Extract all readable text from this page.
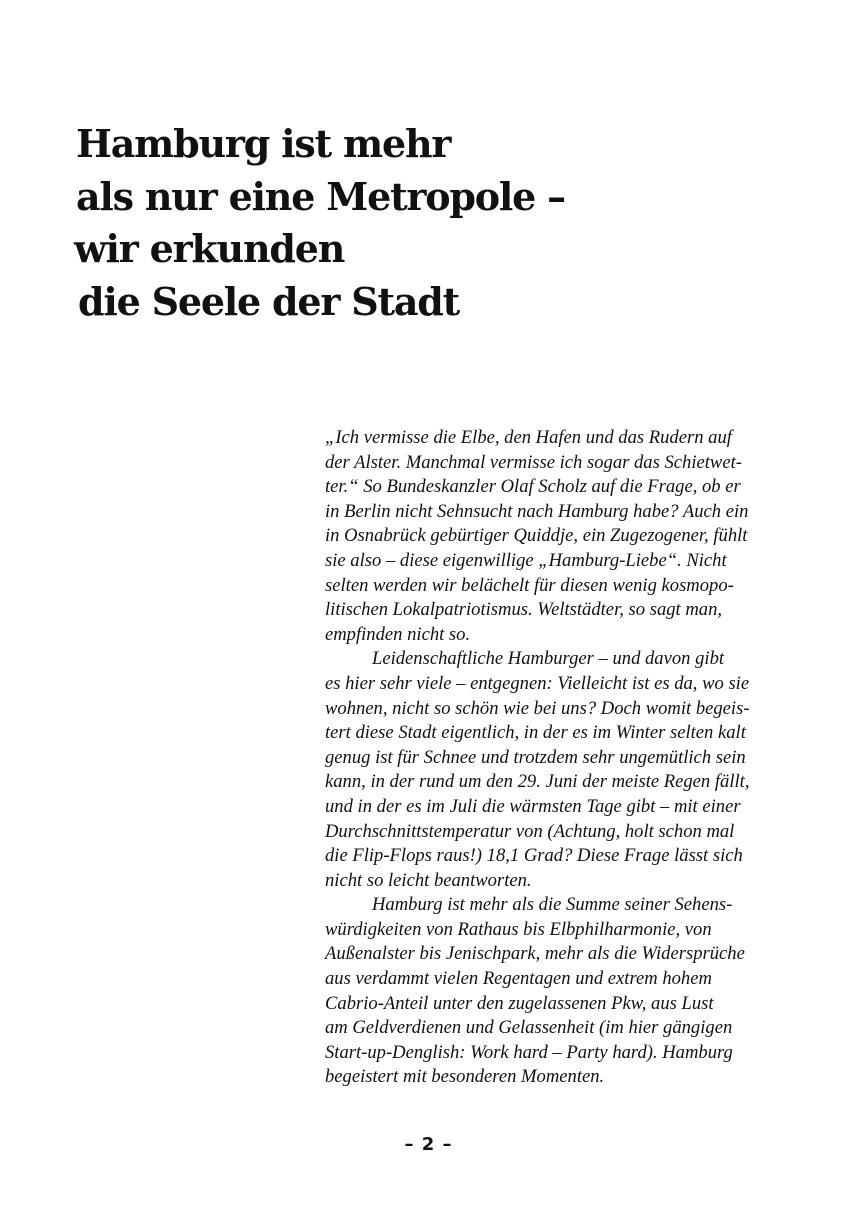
Hamburg ist mehr
als nur eine Metropole –
wir erkunden
die Seele der Stadt
„Ich vermisse die Elbe, den Hafen und das Rudern auf
der Alster. Manchmal vermisse ich sogar das Schietwet-
ter.“ So Bundeskanzler Olaf Scholz auf die Frage, ob er
in Berlin nicht Sehnsucht nach Hamburg habe? Auch ein
in Osnabrück gebürtiger Quiddje, ein Zugezogener, fühlt
sie also – diese eigenwillige „Hamburg-Liebe“. Nicht
selten werden wir belächelt für diesen wenig kosmopo-
litischen Lokalpatriotismus. Weltstädter, so sagt man,
empfinden nicht so.
Leidenschaftliche Hamburger – und davon gibt
es hier sehr viele – entgegnen: Vielleicht ist es da, wo sie
wohnen, nicht so schön wie bei uns? Doch womit begeis-
tert diese Stadt eigentlich, in der es im Winter selten kalt
genug ist für Schnee und trotzdem sehr ungemütlich sein
kann, in der rund um den 29. Juni der meiste Regen fällt,
und in der es im Juli die wärmsten Tage gibt – mit einer
Durchschnittstemperatur von (Achtung, holt schon mal
die Flip-Flops raus!) 18,1 Grad? Diese Frage lässt sich
nicht so leicht beantworten.
Hamburg ist mehr als die Summe seiner Sehens-
würdigkeiten von Rathaus bis Elbphilharmonie, von
Außenalster bis Jenischpark, mehr als die Widersprüche
aus verdammt vielen Regentagen und extrem hohem
Cabrio-Anteil unter den zugelassenen Pkw, aus Lust
am Geldverdienen und Gelassenheit (im hier gängigen
Start-up-Denglish: Work hard – Party hard). Hamburg
begeistert mit besonderen Momenten.
– 2 –
